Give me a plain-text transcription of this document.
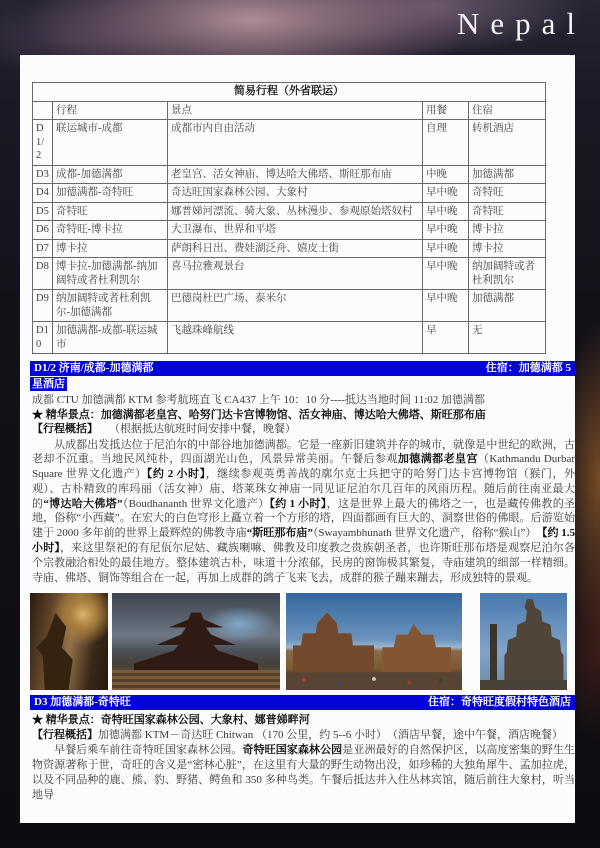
Nepal
简易行程（外省联运）				
	行程	景点	用餐	住宿
D1/2	联运城市-成都	成都市内自由活动	自理	转机酒店
D3	成都-加德满都	老皇宫、活女神庙、博达哈大佛塔、斯旺那布庙	中晚	加德满都
D4	加德满都-奇特旺	奇达旺国家森林公园、大象村	早中晚	奇特旺
D5	奇特旺	娜普娣河漂流、骑大象、丛林漫步、参观原始塔奴村	早中晚	奇特旺
D6	奇特旺-博卡拉	大卫瀑布、世界和平塔	早中晚	博卡拉
D7	博卡拉	萨朗科日出、费娃湖泛舟、嬉皮士街	早中晚	博卡拉
D8	博卡拉-加德满都-纳加阔特或者杜利凯尔	喜马拉雅观景台	早中晚	纳加阔特或者杜利凯尔
D9	纳加阔特或者杜利凯尔-加德满都	巴德岗杜巴广场、泰米尔	早中晚	加德满都
D10	加德满都-成都-联运城市	飞越珠峰航线	早	无
D1/2 济南/成都-加德满都	住宿：加德满都 5
星酒店
成都 CTU 加德满都 KTM 参考航班直飞 CA437 上午 10：10 分----抵达当地时间 11:02 加德满都
★ 精华景点：加德满都老皇宫、哈努门达卡宫博物馆、活女神庙、博达哈大佛塔、斯旺那布庙
【行程概括】　　（根据抵达航班时间安排中餐，晚餐）
从成都出发抵达位于尼泊尔的中部谷地加德满都。它是一座新旧建筑并存的城市，就像是中世纪的欧洲，古老却不沉重。当地民风纯朴，四面湖光山色，风景异常美丽。午餐后参观加德满都老皇宫（Kathmandu Durbar Square 世界文化遗产）【约 2 小时】，继续参观英勇善战的廓尔克士兵把守的哈努门达卡宫博物馆（猴门，外观）、古朴精致的库玛丽（活女神）庙、塔莱珠女神庙一同见证尼泊尔几百年的风雨历程。随后前往南亚最大的“博达哈大佛塔”（Boudhananth 世界文化遗产）【约 1 小时】，这是世界上最大的佛塔之一，也是藏传佛教的圣地，俗称“小西藏”。在宏大的白色穹形上矗立着一个方形的塔，四面都画有巨大的、洞察世俗的佛眼。后游览始建于 2000 多年前的世界上最辉煌的佛教寺庙“斯旺那布庙”（Swayambhunath 世界文化遗产，俗称“猴山”）　【约 1.5 小时】，来这里祭祀的有尼佤尔尼姑、藏族喇嘛、佛教及印度教之贵族朝圣者，也许斯旺那布塔是观察尼泊尔各个宗教融洽相处的最佳地方。整体建筑古朴，味道十分浓郁，民房的窗饰极其繁复，寺庙建筑的细部一样精细。寺庙、佛塔、铜饰等组合在一起，再加上成群的鸽子飞来飞去，成群的猴子蹦来蹦去，形成独特的景观。
D3 加德满都-奇特旺	住宿：奇特旺度假村特色酒店
★ 精华景点：奇特旺国家森林公园、大象村、娜普娣畔河
【行程概括】加德满都 KTM－奇达旺 Chitwan （170 公里，约 5--6 小时）　（酒店早餐，途中午餐，酒店晚餐）
早餐后乘车前往奇特旺国家森林公园。奇特旺国家森林公园是亚洲最好的自然保护区，以高度密集的野生生物资源著称于世，奇旺的含义是“密林心脏”，在这里有大量的野生动物出没，如珍稀的大独角犀牛、孟加拉虎，以及不同品种的鹿、熊、豹、野猪、鳄鱼和 350 多种鸟类。午餐后抵达并入住丛林宾馆，随后前往大象村，听当地导
